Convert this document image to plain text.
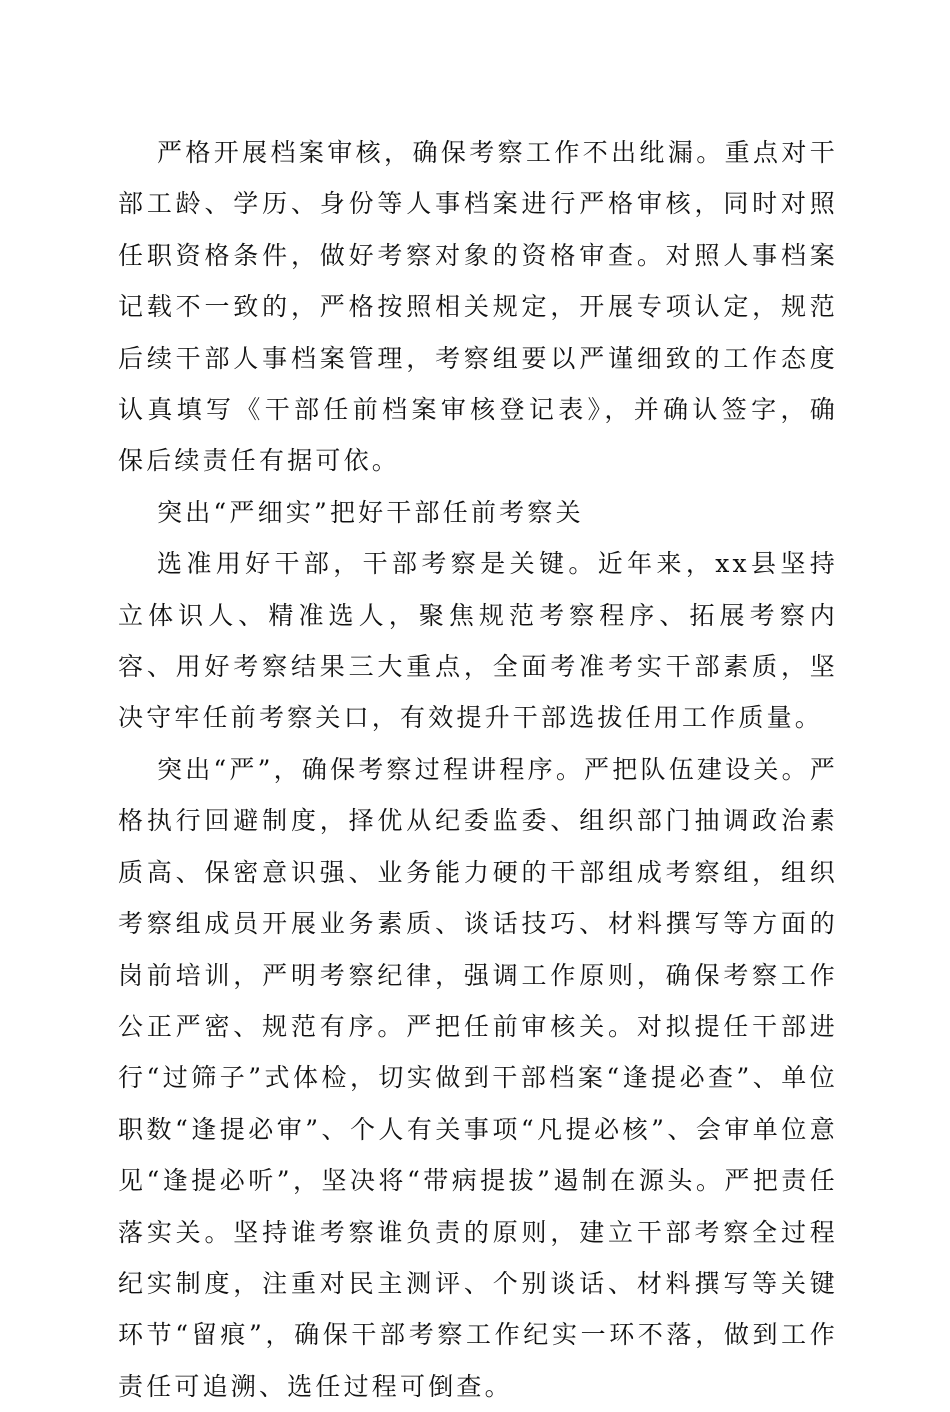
严格开展档案审核，确保考察工作不出纰漏。重点对干部工龄、学历、身份等人事档案进行严格审核，同时对照任职资格条件，做好考察对象的资格审查。对照人事档案记载不一致的，严格按照相关规定，开展专项认定，规范后续干部人事档案管理，考察组要以严谨细致的工作态度认真填写《干部任前档案审核登记表》，并确认签字，确保后续责任有据可依。

突出“严细实”把好干部任前考察关

选准用好干部，干部考察是关键。近年来，xx县坚持立体识人、精准选人，聚焦规范考察程序、拓展考察内容、用好考察结果三大重点，全面考准考实干部素质，坚决守牢任前考察关口，有效提升干部选拔任用工作质量。

突出“严”，确保考察过程讲程序。严把队伍建设关。严格执行回避制度，择优从纪委监委、组织部门抽调政治素质高、保密意识强、业务能力硬的干部组成考察组，组织考察组成员开展业务素质、谈话技巧、材料撰写等方面的岗前培训，严明考察纪律，强调工作原则，确保考察工作公正严密、规范有序。严把任前审核关。对拟提任干部进行“过筛子”式体检，切实做到干部档案“逢提必查”、单位职数“逢提必审”、个人有关事项“凡提必核”、会审单位意见“逢提必听”，坚决将“带病提拔”遏制在源头。严把责任落实关。坚持谁考察谁负责的原则，建立干部考察全过程纪实制度，注重对民主测评、个别谈话、材料撰写等关键环节“留痕”，确保干部考察工作纪实一环不落，做到工作责任可追溯、选任过程可倒查。
